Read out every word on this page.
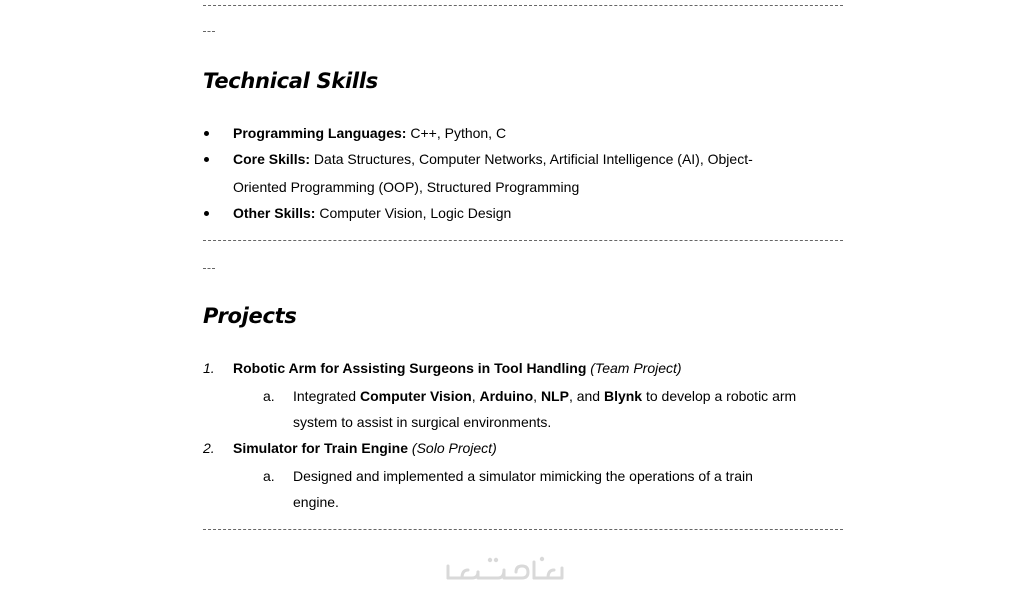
Technical Skills
Programming Languages: C++, Python, C
Core Skills: Data Structures, Computer Networks, Artificial Intelligence (AI), Object-
Oriented Programming (OOP), Structured Programming
Other Skills: Computer Vision, Logic Design
Projects
1. Robotic Arm for Assisting Surgeons in Tool Handling (Team Project)
a. Integrated Computer Vision, Arduino, NLP, and Blynk to develop a robotic arm
system to assist in surgical environments.
2. Simulator for Train Engine (Solo Project)
a. Designed and implemented a simulator mimicking the operations of a train
engine.
